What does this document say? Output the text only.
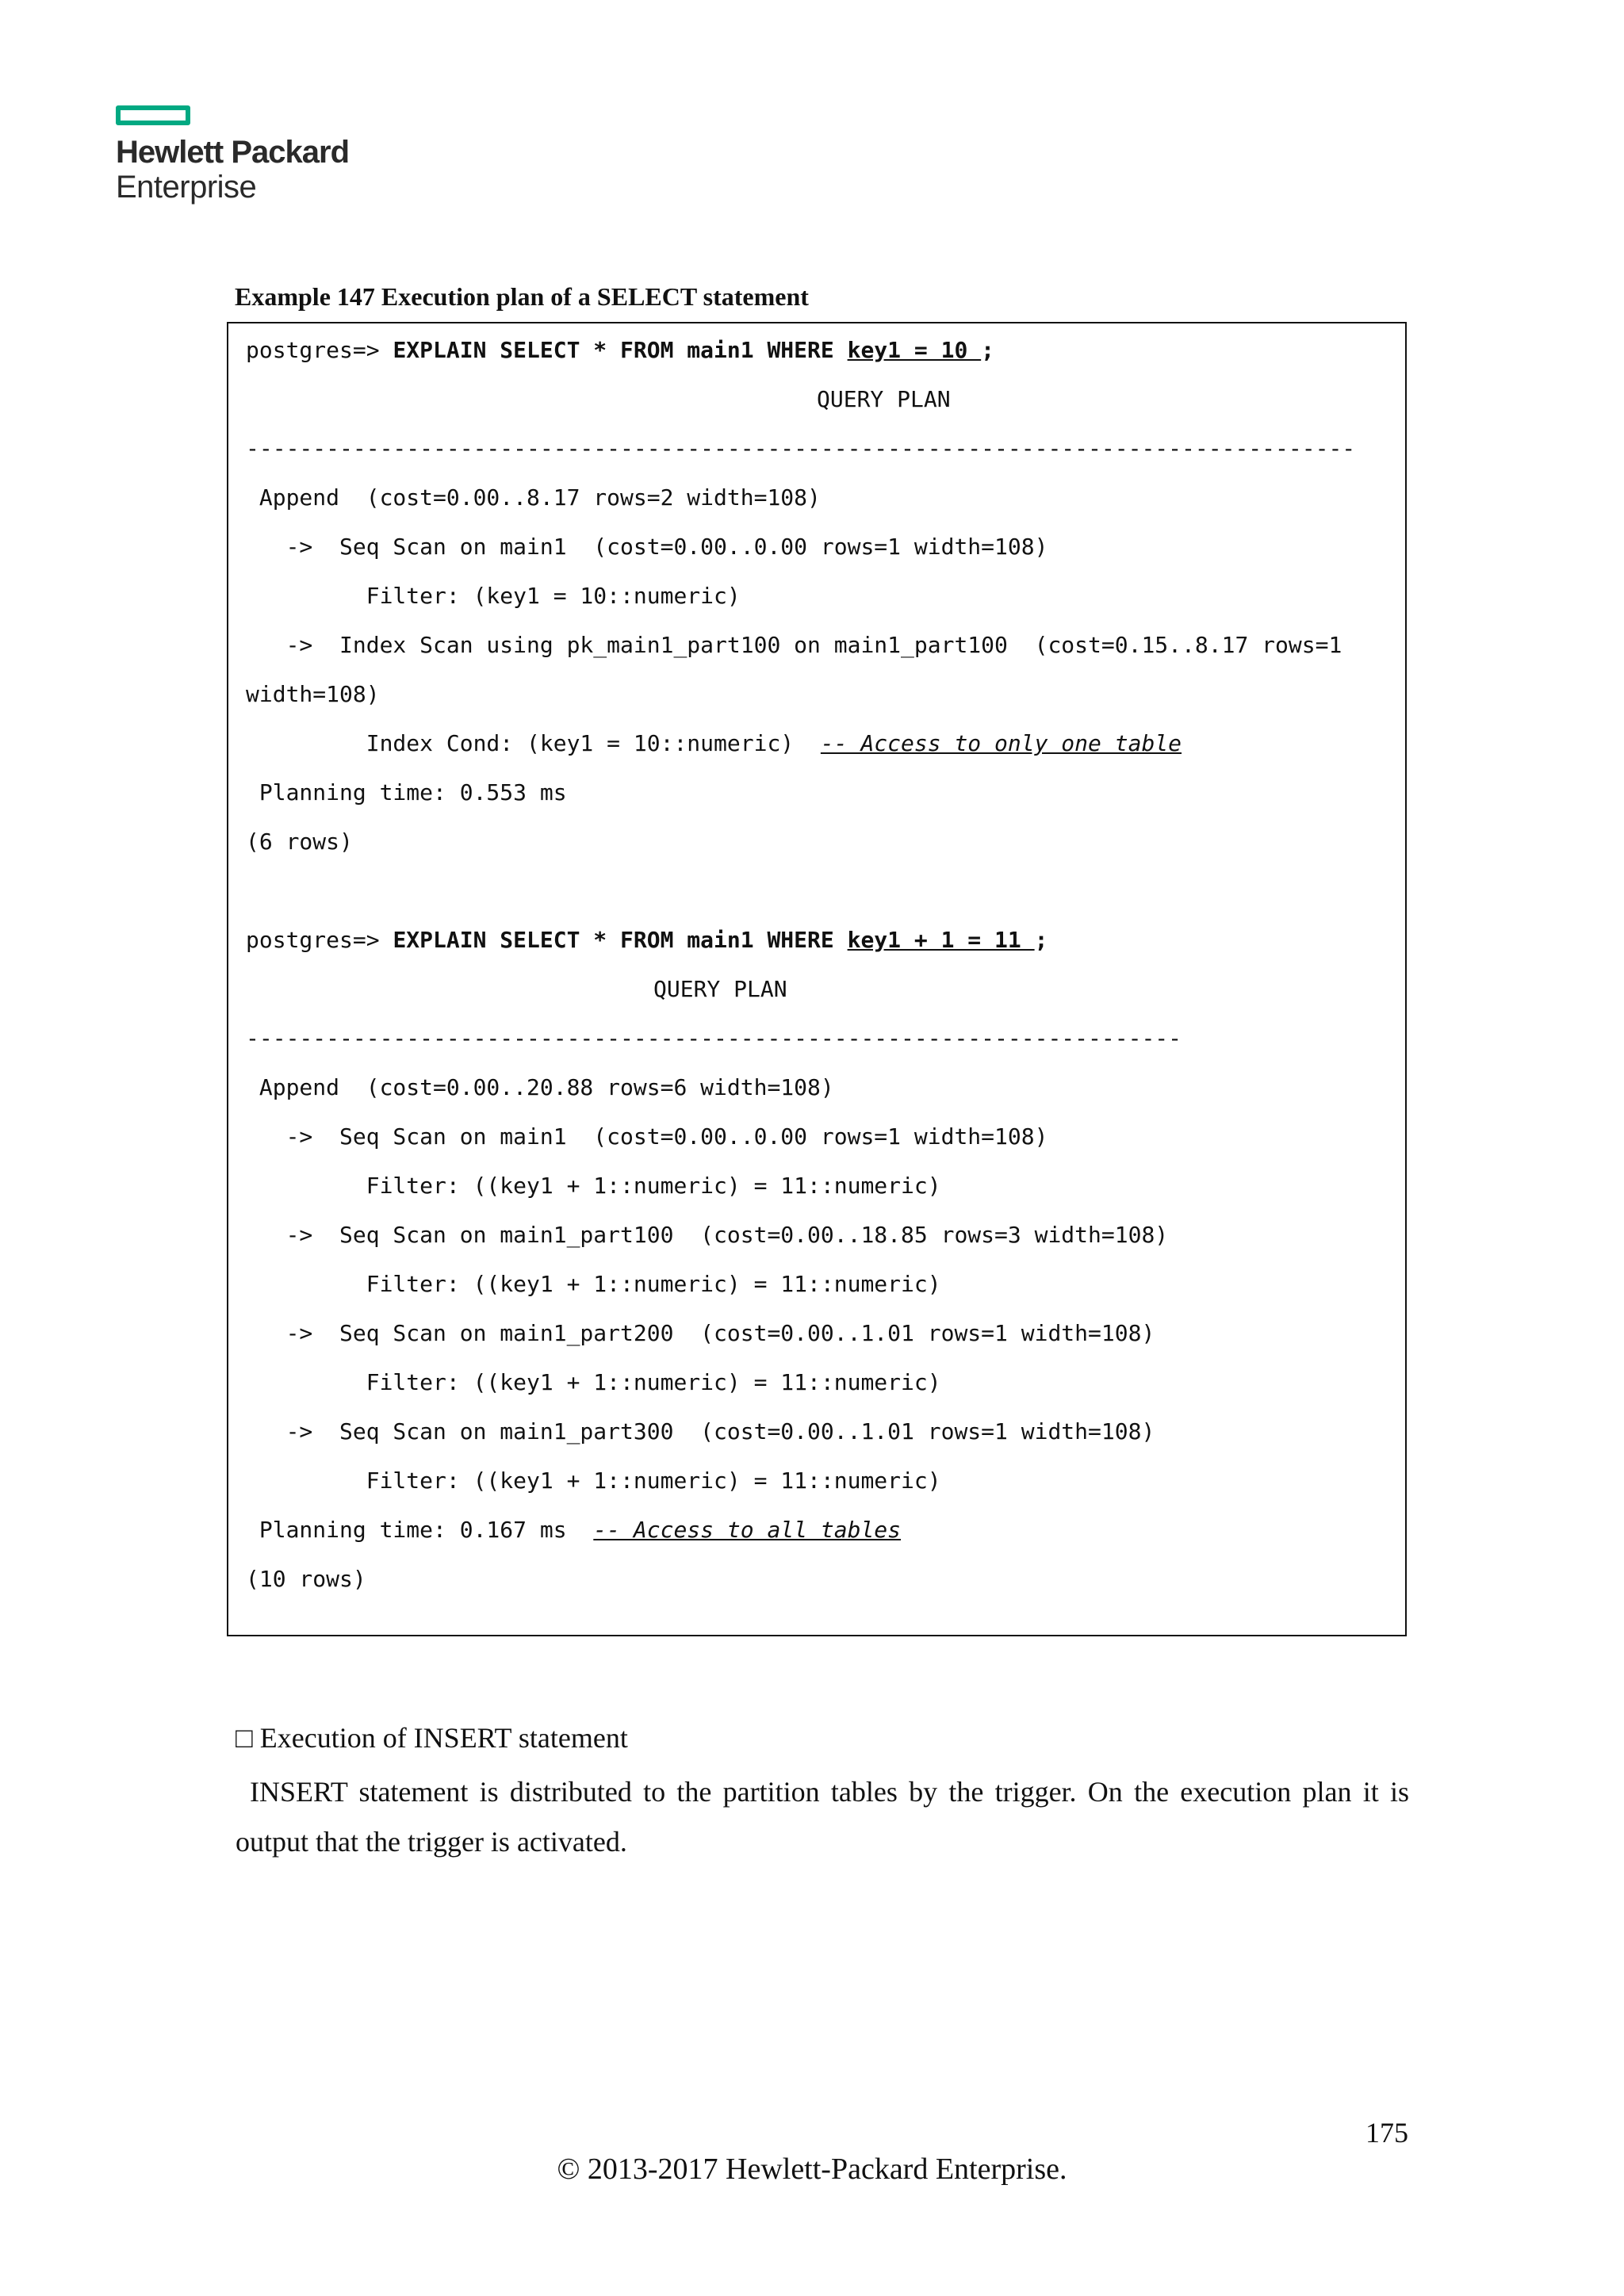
Hewlett Packard
Enterprise
Example 147 Execution plan of a SELECT statement
postgres=> EXPLAIN SELECT * FROM main1 WHERE key1 = 10 ;
QUERY PLAN
-----------------------------------------------------------------------------------
Append  (cost=0.00..8.17 rows=2 width=108)
->  Seq Scan on main1  (cost=0.00..0.00 rows=1 width=108)
Filter: (key1 = 10::numeric)
->  Index Scan using pk_main1_part100 on main1_part100  (cost=0.15..8.17 rows=1
width=108)
Index Cond: (key1 = 10::numeric)  -- Access to only one table
Planning time: 0.553 ms
(6 rows)
postgres=> EXPLAIN SELECT * FROM main1 WHERE key1 + 1 = 11 ;
QUERY PLAN
----------------------------------------------------------------------
Append  (cost=0.00..20.88 rows=6 width=108)
->  Seq Scan on main1  (cost=0.00..0.00 rows=1 width=108)
Filter: ((key1 + 1::numeric) = 11::numeric)
->  Seq Scan on main1_part100  (cost=0.00..18.85 rows=3 width=108)
Filter: ((key1 + 1::numeric) = 11::numeric)
->  Seq Scan on main1_part200  (cost=0.00..1.01 rows=1 width=108)
Filter: ((key1 + 1::numeric) = 11::numeric)
->  Seq Scan on main1_part300  (cost=0.00..1.01 rows=1 width=108)
Filter: ((key1 + 1::numeric) = 11::numeric)
Planning time: 0.167 ms  -- Access to all tables
(10 rows)
□ Execution of INSERT statement
INSERT statement is distributed to the partition tables by the trigger. On the execution plan it is output that the trigger is activated.
175
© 2013-2017 Hewlett-Packard Enterprise.
